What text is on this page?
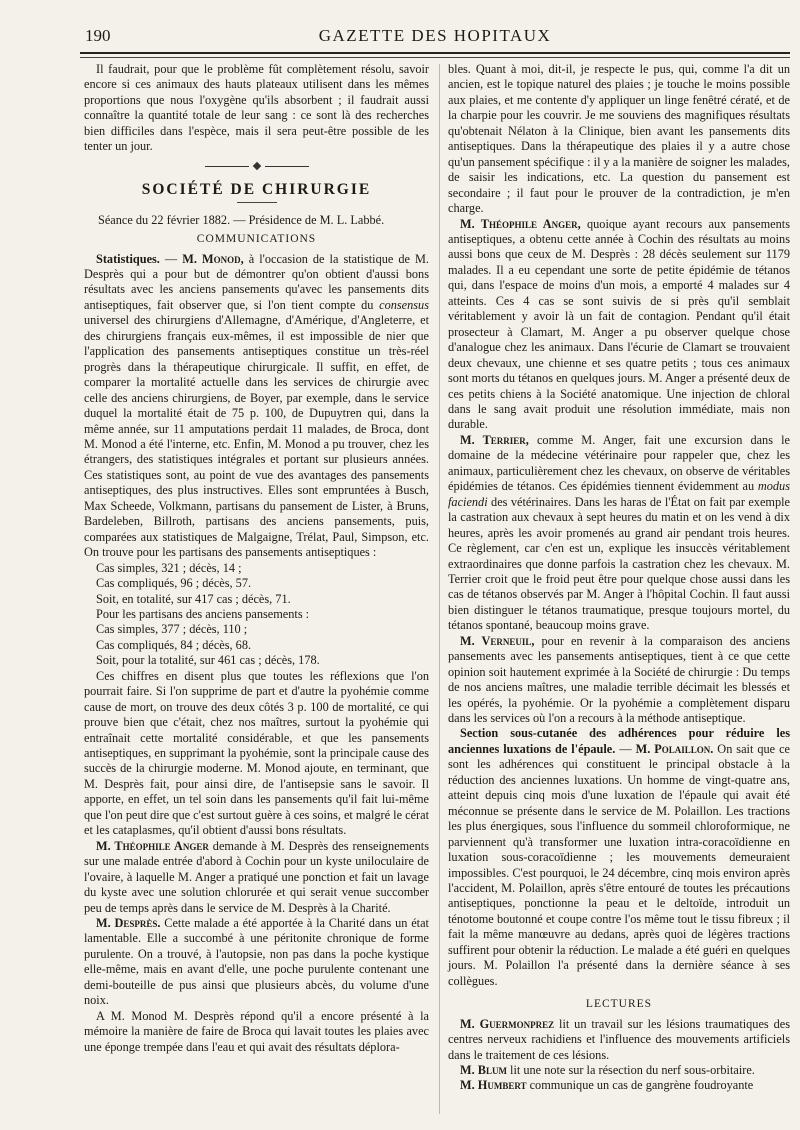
190	GAZETTE DES HOPITAUX

Il faudrait, pour que le problème fût complètement résolu, savoir encore si ces animaux des hauts plateaux utilisent dans les mêmes proportions que nous l'oxygène qu'ils absorbent ; il faudrait aussi connaître la quantité totale de leur sang : ce sont là des recherches bien difficiles dans l'espèce, mais il sera peut-être possible de les tenter un jour.

SOCIÉTÉ DE CHIRURGIE

Séance du 22 février 1882. — Présidence de M. L. Labbé.

COMMUNICATIONS

Statistiques. — M. Monod, à l'occasion de la statistique de M. Desprès qui a pour but de démontrer qu'on obtient d'aussi bons résultats avec les anciens pansements qu'avec les pansements dits antiseptiques, fait observer que, si l'on tient compte du consensus universel des chirurgiens d'Allemagne, d'Amérique, d'Angleterre, et des chirurgiens français eux-mêmes, il est impossible de nier que l'application des pansements antiseptiques constitue un très-réel progrès dans la thérapeutique chirurgicale. Il suffit, en effet, de comparer la mortalité actuelle dans les services de chirurgie avec celle des anciens chirurgiens, de Boyer, par exemple, dans le service duquel la mortalité était de 75 p. 100, de Dupuytren qui, dans la même année, sur 11 amputations perdait 11 malades, de Broca, dont M. Monod a été l'interne, etc. Enfin, M. Monod a pu trouver, chez les étrangers, des statistiques intégrales et portant sur plusieurs années. Ces statistiques sont, au point de vue des avantages des pansements antiseptiques, des plus instructives. Elles sont empruntées à Busch, Max Scheede, Volkmann, partisans du pansement de Lister, à Bruns, Bardeleben, Billroth, partisans des anciens pansements, puis, comparées aux statistiques de Malgaigne, Trélat, Paul, Simpson, etc. On trouve pour les partisans des pansements antiseptiques :

Cas simples, 321 ; décès, 14 ;

Cas compliqués, 96 ; décès, 57.

Soit, en totalité, sur 417 cas ; décès, 71.

Pour les partisans des anciens pansements :

Cas simples, 377 ; décès, 110 ;

Cas compliqués, 84 ; décès, 68.

Soit, pour la totalité, sur 461 cas ; décès, 178.

Ces chiffres en disent plus que toutes les réflexions que l'on pourrait faire. Si l'on supprime de part et d'autre la pyohémie comme cause de mort, on trouve des deux côtés 3 p. 100 de mortalité, ce qui prouve bien que c'était, chez nos maîtres, surtout la pyohémie qui entraînait cette mortalité considérable, et que les pansements antiseptiques, en supprimant la pyohémie, sont la principale cause des succès de la chirurgie moderne. M. Monod ajoute, en terminant, que M. Desprès fait, pour ainsi dire, de l'antisepsie sans le savoir. Il apporte, en effet, un tel soin dans les pansements qu'il fait lui-même que l'on peut dire que c'est surtout guère à ces soins, et malgré le cérat et les cataplasmes, qu'il obtient d'aussi bons résultats.

M. Théophile Anger demande à M. Desprès des renseignements sur une malade entrée d'abord à Cochin pour un kyste uniloculaire de l'ovaire, à laquelle M. Anger a pratiqué une ponction et fait un lavage du kyste avec une solution chlorurée et qui serait venue succomber peu de temps après dans le service de M. Desprès à la Charité.

M. Desprès. Cette malade a été apportée à la Charité dans un état lamentable. Elle a succombé à une péritonite chronique de forme purulente. On a trouvé, à l'autopsie, non pas dans la poche kystique elle-même, mais en avant d'elle, une poche purulente contenant une demi-bouteille de pus ainsi que plusieurs abcès, du volume d'une noix.

A M. Monod M. Desprès répond qu'il a encore présenté à la mémoire la manière de faire de Broca qui lavait toutes les plaies avec une éponge trempée dans l'eau et qui avait des résultats déplora-

bles. Quant à moi, dit-il, je respecte le pus, qui, comme l'a dit un ancien, est le topique naturel des plaies ; je touche le moins possible aux plaies, et me contente d'y appliquer un linge fenêtré cératé, et de la charpie pour les couvrir. Je me souviens des magnifiques résultats qu'obtenait Nélaton à la Clinique, bien avant les pansements dits antiseptiques. Dans la thérapeutique des plaies il y a autre chose qu'un pansement spécifique : il y a la manière de soigner les malades, de saisir les indications, etc. La question du pansement est secondaire ; il faut pour le prouver de la contradiction, je m'en charge.

M. Théophile Anger, quoique ayant recours aux pansements antiseptiques, a obtenu cette année à Cochin des résultats au moins aussi bons que ceux de M. Desprès : 28 décès seulement sur 1179 malades. Il a eu cependant une sorte de petite épidémie de tétanos qui, dans l'espace de moins d'un mois, a emporté 4 malades sur 4 atteints. Ces 4 cas se sont suivis de si près qu'il semblait véritablement y avoir là un fait de contagion. Pendant qu'il était prosecteur à Clamart, M. Anger a pu observer quelque chose d'analogue chez les animaux. Dans l'écurie de Clamart se trouvaient deux chevaux, une chienne et ses quatre petits ; tous ces animaux sont morts du tétanos en quelques jours. M. Anger a présenté deux de ces petits chiens à la Société anatomique. Une injection de chloral dans le sang avait produit une résolution immédiate, mais non durable.

M. Terrier, comme M. Anger, fait une excursion dans le domaine de la médecine vétérinaire pour rappeler que, chez les animaux, particulièrement chez les chevaux, on observe de véritables épidémies de tétanos. Ces épidémies tiennent évidemment au modus faciendi des vétérinaires. Dans les haras de l'État on fait par exemple la castration aux chevaux à sept heures du matin et on les vend à dix heures, après les avoir promenés au grand air pendant trois heures. Ce règlement, car c'en est un, explique les insuccès véritablement extraordinaires que donne parfois la castration chez les chevaux. M. Terrier croit que le froid peut être pour quelque chose aussi dans les cas de tétanos observés par M. Anger à l'hôpital Cochin. Il faut aussi bien distinguer le tétanos traumatique, presque toujours mortel, du tétanos spontané, beaucoup moins grave.

M. Verneuil, pour en revenir à la comparaison des anciens pansements avec les pansements antiseptiques, tient à ce que cette opinion soit hautement exprimée à la Société de chirurgie : Du temps de nos anciens maîtres, une maladie terrible décimait les blessés et les opérés, la pyohémie. Or la pyohémie a complètement disparu dans les services où l'on a recours à la méthode antiseptique.

Section sous-cutanée des adhérences pour réduire les anciennes luxations de l'épaule. — M. Polaillon. On sait que ce sont les adhérences qui constituent le principal obstacle à la réduction des anciennes luxations. Un homme de vingt-quatre ans, atteint depuis cinq mois d'une luxation de l'épaule qui avait été méconnue se présente dans le service de M. Polaillon. Les tractions les plus énergiques, sous l'influence du sommeil chloroformique, ne parviennent qu'à transformer une luxation intra-coracoïdienne en luxation sous-coracoïdienne ; les mouvements demeuraient impossibles. C'est pourquoi, le 24 décembre, cinq mois environ après l'accident, M. Polaillon, après s'être entouré de toutes les précautions antiseptiques, ponctionne la peau et le deltoïde, introduit un ténotome boutonné et coupe contre l'os même tout le tissu fibreux ; il fait la même manœuvre au dedans, après quoi de légères tractions suffirent pour obtenir la réduction. Le malade a été guéri en quelques jours. M. Polaillon l'a présenté dans la dernière séance à ses collègues.

LECTURES

M. Guermonprez lit un travail sur les lésions traumatiques des centres nerveux rachidiens et l'influence des mouvements artificiels dans le traitement de ces lésions.

M. Blum lit une note sur la résection du nerf sous-orbitaire.

M. Humbert communique un cas de gangrène foudroyante
